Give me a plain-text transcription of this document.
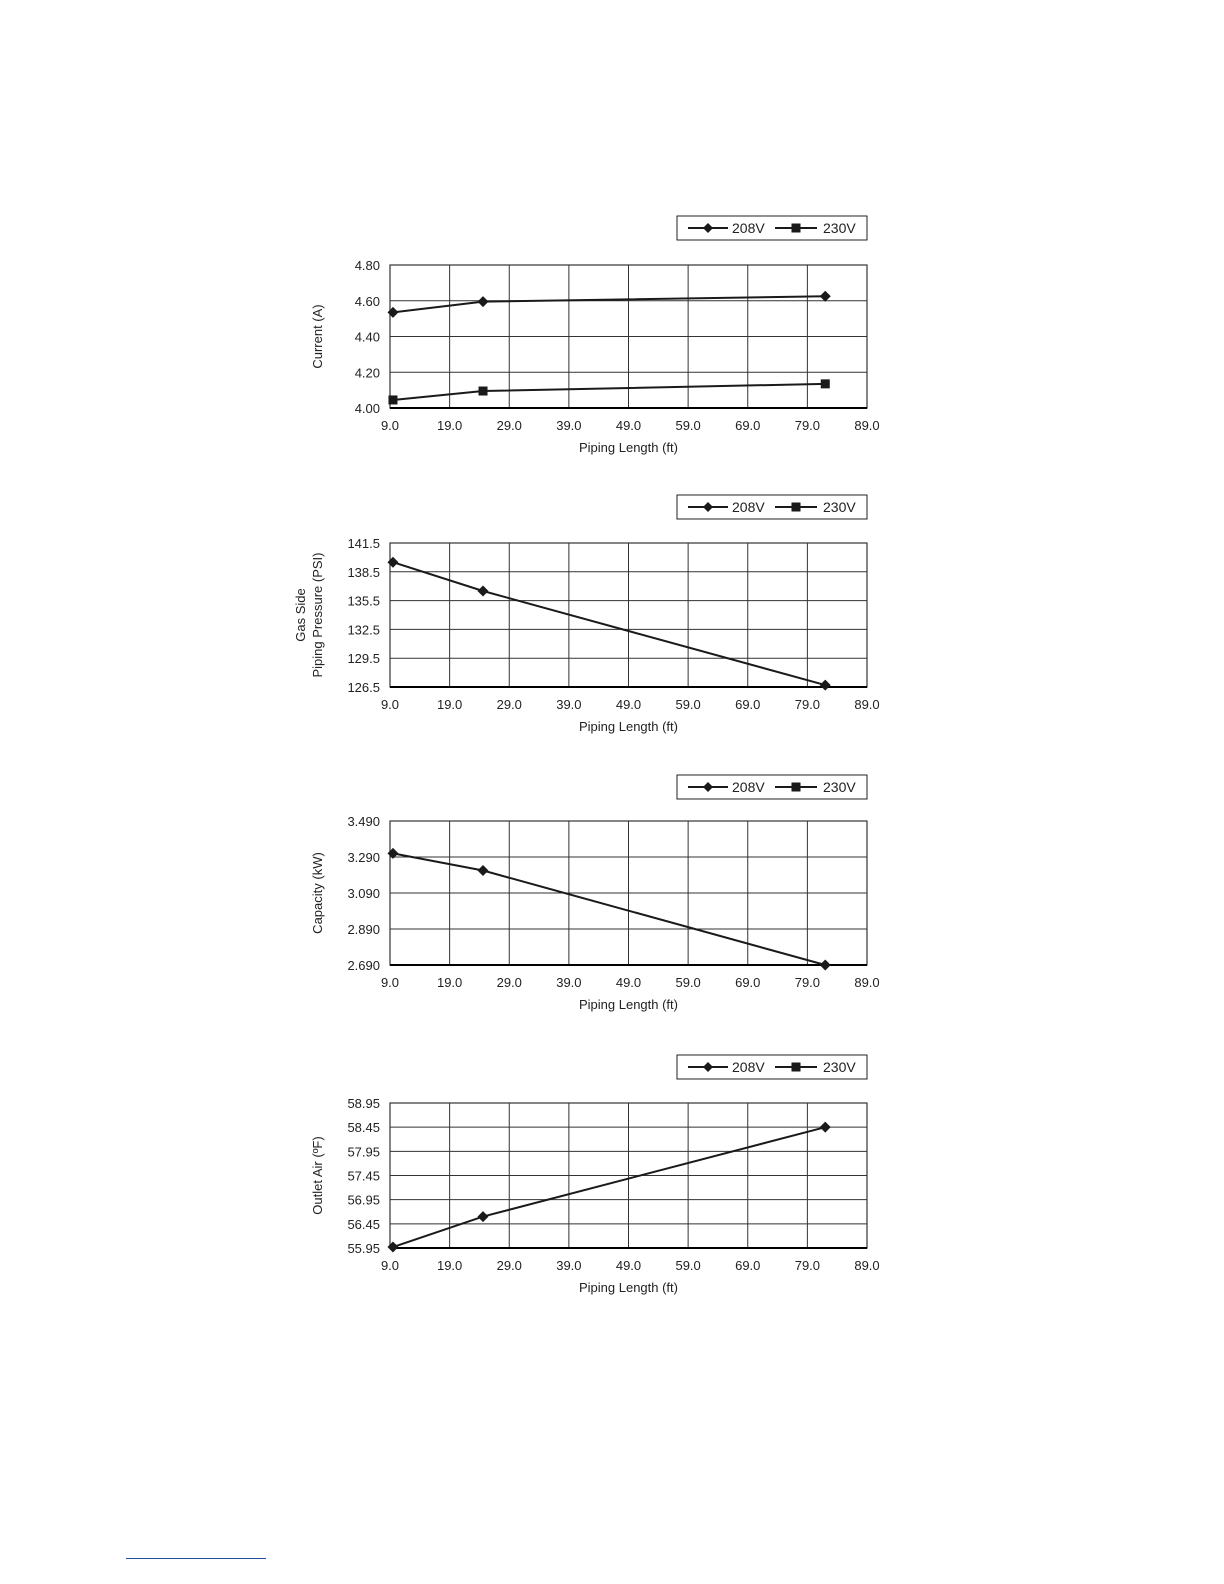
9.0	19.0	29.0	39.0	49.0	59.0	69.0	79.0	89.0
4.80
4.60
4.40
4.20
4.00
Piping Length (ft)
Current (A)
208V	230V
9.0	19.0	29.0	39.0	49.0	59.0	69.0	79.0	89.0
141.5
138.5
135.5
132.5
129.5
126.5
Piping Length (ft)
Gas Side Piping Pressure (PSI)
208V	230V
9.0	19.0	29.0	39.0	49.0	59.0	69.0	79.0	89.0
3.490
3.290
3.090
2.890
2.690
Piping Length (ft)
Capacity (kW)
208V	230V
9.0	19.0	29.0	39.0	49.0	59.0	69.0	79.0	89.0
58.95
58.45
57.95
57.45
56.95
56.45
55.95
Piping Length (ft)
Outlet Air (ºF)
208V	230V
